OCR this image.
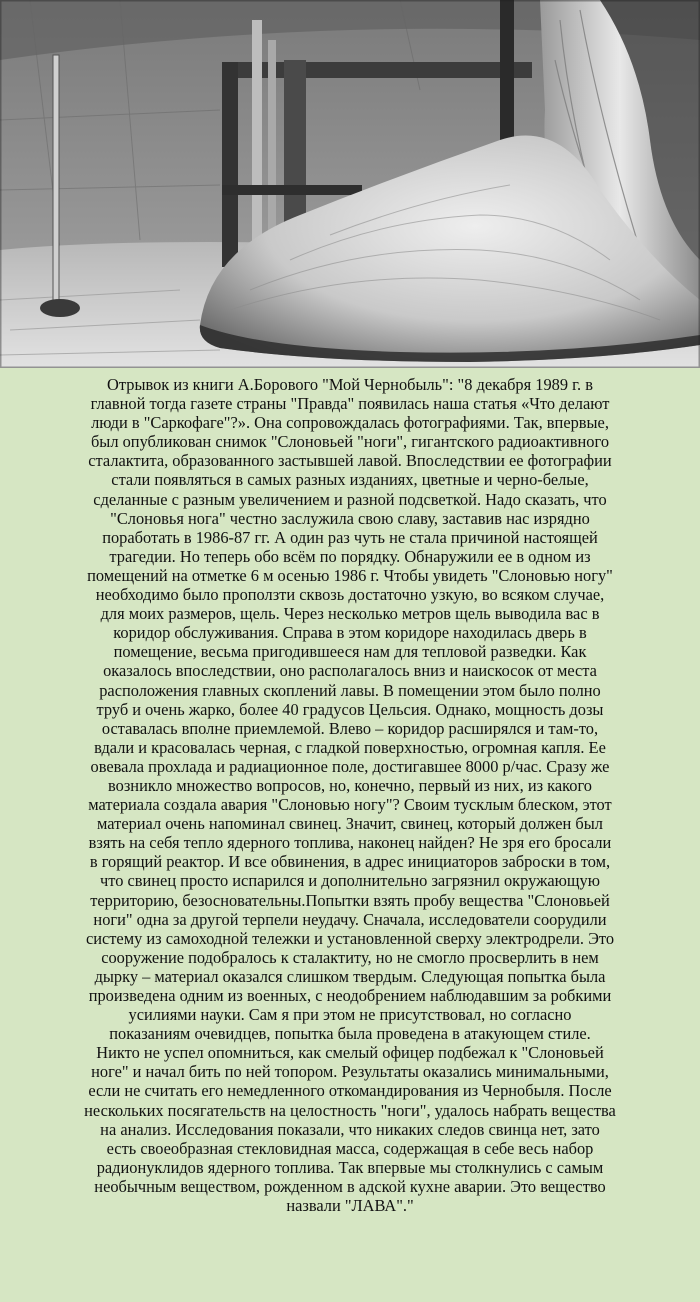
Отрывок из книги А.Борового "Мой Чернобыль": "8 декабря 1989 г. в
главной тогда газете страны "Правда" появилась наша статья «Что делают
люди в "Саркофаге"?». Она сопровождалась фотографиями. Так, впервые,
был опубликован снимок "Слоновьей "ноги", гигантского радиоактивного
сталактита, образованного застывшей лавой. Впоследствии ее фотографии
стали появляться в самых разных изданиях, цветные и черно-белые,
сделанные с разным увеличением и разной подсветкой. Надо сказать, что
"Слоновья нога" честно заслужила свою славу, заставив нас изрядно
поработать в 1986-87 гг. А один раз чуть не стала причиной настоящей
трагедии. Но теперь обо всём по порядку. Обнаружили ее в одном из
помещений на отметке 6 м осенью 1986 г. Чтобы увидеть "Слоновью ногу"
необходимо было проползти сквозь достаточно узкую, во всяком случае,
для моих размеров, щель. Через несколько метров щель выводила вас в
коридор обслуживания. Справа в этом коридоре находилась дверь в
помещение, весьма пригодившееся нам для тепловой разведки. Как
оказалось впоследствии, оно располагалось вниз и наискосок от места
расположения главных скоплений лавы. В помещении этом было полно
труб и очень жарко, более 40 градусов Цельсия. Однако, мощность дозы
оставалась вполне приемлемой. Влево – коридор расширялся и там-то,
вдали и красовалась черная, с гладкой поверхностью, огромная капля. Ее
овевала прохлада и радиационное поле, достигавшее 8000 р/час. Сразу же
возникло множество вопросов, но, конечно, первый из них, из какого
материала создала авария "Слоновью ногу"? Своим тусклым блеском, этот
материал очень напоминал свинец. Значит, свинец, который должен был
взять на себя тепло ядерного топлива, наконец найден? Не зря его бросали
в горящий реактор. И все обвинения, в адрес инициаторов заброски в том,
что свинец просто испарился и дополнительно загрязнил окружающую
территорию, безосновательны.Попытки взять пробу вещества "Слоновьей
ноги" одна за другой терпели неудачу. Сначала, исследователи соорудили
систему из самоходной тележки и установленной сверху электродрели. Это
сооружение подобралось к сталактиту, но не смогло просверлить в нем
дырку – материал оказался слишком твердым. Следующая попытка была
произведена одним из военных, с неодобрением наблюдавшим за робкими
усилиями науки. Сам я при этом не присутствовал, но согласно
показаниям очевидцев, попытка была проведена в атакующем стиле.
Никто не успел опомниться, как смелый офицер подбежал к "Слоновьей
ноге" и начал бить по ней топором. Результаты оказались минимальными,
если не считать его немедленного откомандирования из Чернобыля. После
нескольких посягательств на целостность "ноги", удалось набрать вещества
на анализ. Исследования показали, что никаких следов свинца нет, зато
есть своеобразная стекловидная масса, содержащая в себе весь набор
радионуклидов ядерного топлива. Так впервые мы столкнулись с самым
необычным веществом, рожденном в адской кухне аварии. Это вещество
назвали "ЛАВА"."
